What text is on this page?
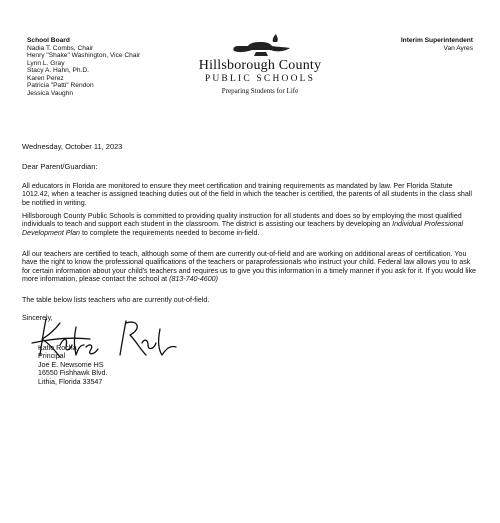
School Board
Nadia T. Combs, Chair
Henry "Shake" Washington, Vice Chair
Lynn L. Gray
Stacy A. Hahn, Ph.D.
Karen Perez
Patricia "Patti" Rendon
Jessica Vaughn
Interim Superintendent
Van Ayres
Hillsborough County
PUBLIC SCHOOLS
Preparing Students for Life
Wednesday, October 11, 2023
Dear Parent/Guardian:
All educators in Florida are monitored to ensure they meet certification and training requirements as mandated by law. Per Florida Statute 1012.42, when a teacher is assigned teaching duties out of the field in which the teacher is certified, the parents of all students in the class shall be notified in writing.
Hillsborough County Public Schools is committed to providing quality instruction for all students and does so by employing the most qualified individuals to teach and support each student in the classroom. The district is assisting our teachers by developing an Individual Professional Development Plan to complete the requirements needed to become in-field.
All our teachers are certified to teach, although some of them are currently out-of-field and are working on additional areas of certification. You have the right to know the professional qualifications of the teachers or paraprofessionals who instruct your child. Federal law allows you to ask for certain information about your child's teachers and requires us to give you this information in a timely manner if you ask for it. If you would like more information, please contact the school at (813-740-4600)
The table below lists teachers who are currently out-of-field.
Sincerely,
Katie Rocha
Principal
Joe E. Newsome HS
16550 Fishhawk Blvd.
Lithia, Florida 33547
